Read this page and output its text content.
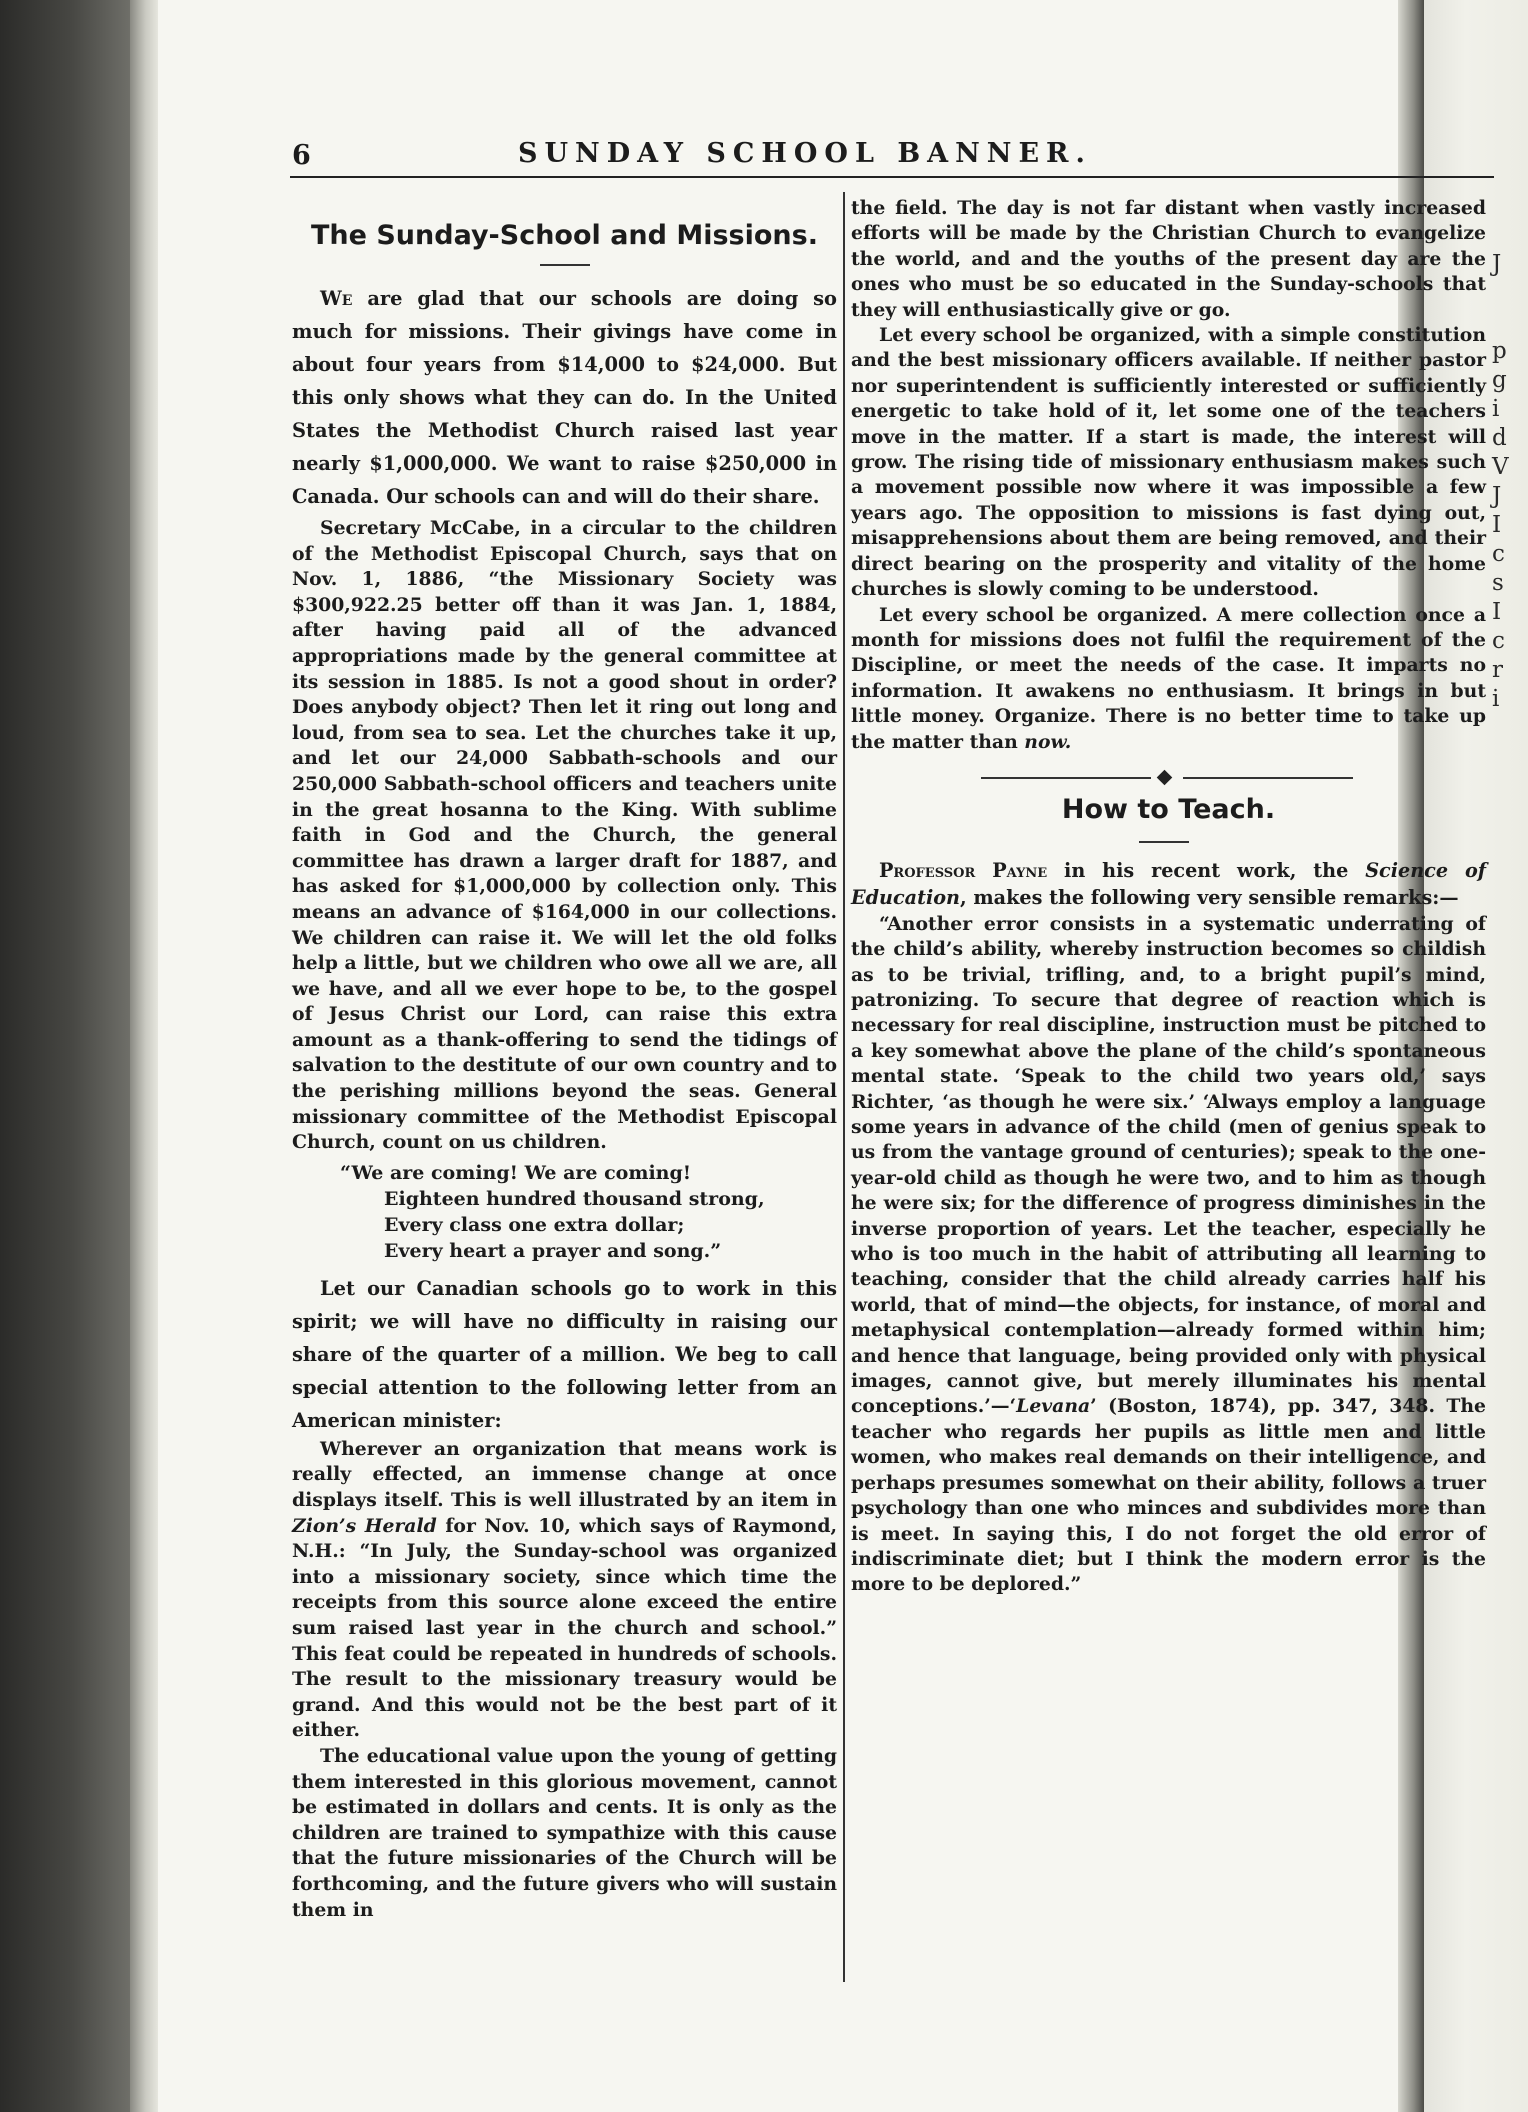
J
p
g
i
d
V
J
I
c
s
I
c
r
i
6	SUNDAY SCHOOL BANNER.
The Sunday-School and Missions.

We are glad that our schools are doing so much for missions. Their givings have come in about four years from $14,000 to $24,000. But this only shows what they can do. In the United States the Methodist Church raised last year nearly $1,000,000. We want to raise $250,000 in Canada. Our schools can and will do their share.

Secretary McCabe, in a circular to the children of the Methodist Episcopal Church, says that on Nov. 1, 1886, “the Missionary Society was $300,922.25 better off than it was Jan. 1, 1884, after having paid all of the advanced appropriations made by the general committee at its session in 1885. Is not a good shout in order? Does anybody object? Then let it ring out long and loud, from sea to sea. Let the churches take it up, and let our 24,000 Sabbath-schools and our 250,000 Sabbath-school officers and teachers unite in the great hosanna to the King. With sublime faith in God and the Church, the general committee has drawn a larger draft for 1887, and has asked for $1,000,000 by collection only. This means an advance of $164,000 in our collections. We children can raise it. We will let the old folks help a little, but we children who owe all we are, all we have, and all we ever hope to be, to the gospel of Jesus Christ our Lord, can raise this extra amount as a thank-offering to send the tidings of salvation to the destitute of our own country and to the perishing millions beyond the seas. General missionary committee of the Methodist Episcopal Church, count on us children.

“We are coming! We are coming!
Eighteen hundred thousand strong,
Every class one extra dollar;
Every heart a prayer and song.”

Let our Canadian schools go to work in this spirit; we will have no difficulty in raising our share of the quarter of a million. We beg to call special attention to the following letter from an American minister:

Wherever an organization that means work is really effected, an immense change at once displays itself. This is well illustrated by an item in Zion’s Herald for Nov. 10, which says of Raymond, N.H.: “In July, the Sunday-school was organized into a missionary society, since which time the receipts from this source alone exceed the entire sum raised last year in the church and school.” This feat could be repeated in hundreds of schools. The result to the missionary treasury would be grand. And this would not be the best part of it either.

The educational value upon the young of getting them interested in this glorious movement, cannot be estimated in dollars and cents. It is only as the children are trained to sympathize with this cause that the future missionaries of the Church will be forthcoming, and the future givers who will sustain them in

the field. The day is not far distant when vastly increased efforts will be made by the Christian Church to evangelize the world, and and the youths of the present day are the ones who must be so educated in the Sunday-schools that they will enthusiastically give or go.

Let every school be organized, with a simple constitution and the best missionary officers available. If neither pastor nor superintendent is sufficiently interested or sufficiently energetic to take hold of it, let some one of the teachers move in the matter. If a start is made, the interest will grow. The rising tide of missionary enthusiasm makes such a movement possible now where it was impossible a few years ago. The opposition to missions is fast dying out, misapprehensions about them are being removed, and their direct bearing on the prosperity and vitality of the home churches is slowly coming to be understood.

Let every school be organized. A mere collection once a month for missions does not fulfil the requirement of the Discipline, or meet the needs of the case. It imparts no information. It awakens no enthusiasm. It brings in but little money. Organize. There is no better time to take up the matter than now.

How to Teach.

Professor Payne in his recent work, the Science of Education, makes the following very sensible remarks:—

“Another error consists in a systematic underrating of the child’s ability, whereby instruction becomes so childish as to be trivial, trifling, and, to a bright pupil’s mind, patronizing. To secure that degree of reaction which is necessary for real discipline, instruction must be pitched to a key somewhat above the plane of the child’s spontaneous mental state. ‘Speak to the child two years old,’ says Richter, ‘as though he were six.’ ‘Always employ a language some years in advance of the child (men of genius speak to us from the vantage ground of centuries); speak to the one-year-old child as though he were two, and to him as though he were six; for the difference of progress diminishes in the inverse proportion of years. Let the teacher, especially he who is too much in the habit of attributing all learning to teaching, consider that the child already carries half his world, that of mind—the objects, for instance, of moral and metaphysical contemplation—already formed within him; and hence that language, being provided only with physical images, cannot give, but merely illuminates his mental conceptions.’—‘Levana’ (Boston, 1874), pp. 347, 348. The teacher who regards her pupils as little men and little women, who makes real demands on their intelligence, and perhaps presumes somewhat on their ability, follows a truer psychology than one who minces and subdivides more than is meet. In saying this, I do not forget the old error of indiscriminate diet; but I think the modern error is the more to be deplored.”
